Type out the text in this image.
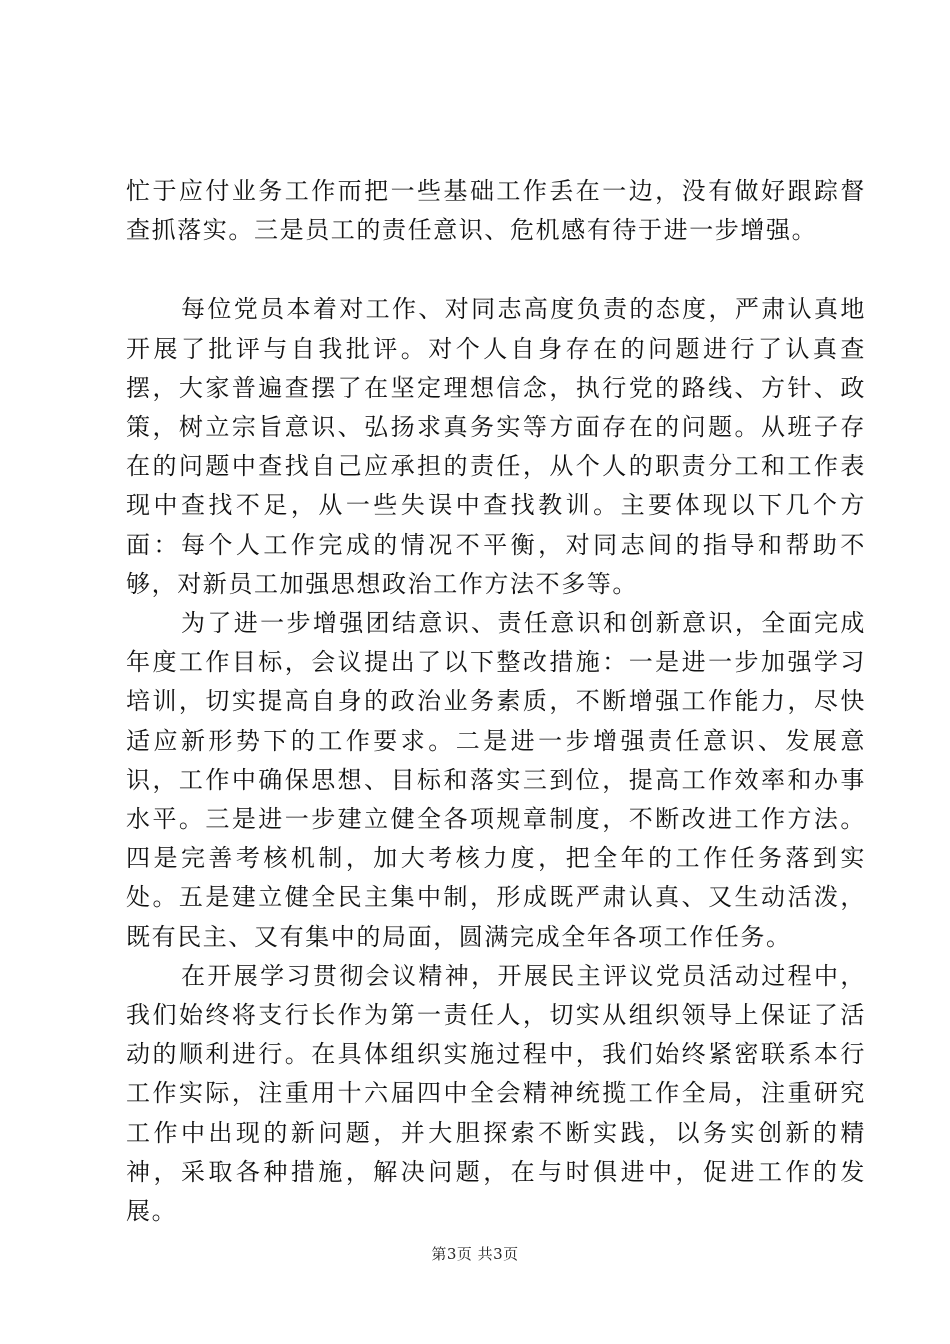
忙于应付业务工作而把一些基础工作丢在一边，没有做好跟踪督查抓落实。三是员工的责任意识、危机感有待于进一步增强。

每位党员本着对工作、对同志高度负责的态度，严肃认真地开展了批评与自我批评。对个人自身存在的问题进行了认真查摆，大家普遍查摆了在坚定理想信念，执行党的路线、方针、政策，树立宗旨意识、弘扬求真务实等方面存在的问题。从班子存在的问题中查找自己应承担的责任，从个人的职责分工和工作表现中查找不足，从一些失误中查找教训。主要体现以下几个方面：每个人工作完成的情况不平衡，对同志间的指导和帮助不够，对新员工加强思想政治工作方法不多等。

为了进一步增强团结意识、责任意识和创新意识，全面完成年度工作目标，会议提出了以下整改措施：一是进一步加强学习培训，切实提高自身的政治业务素质，不断增强工作能力，尽快适应新形势下的工作要求。二是进一步增强责任意识、发展意识，工作中确保思想、目标和落实三到位，提高工作效率和办事水平。三是进一步建立健全各项规章制度，不断改进工作方法。四是完善考核机制，加大考核力度，把全年的工作任务落到实处。五是建立健全民主集中制，形成既严肃认真、又生动活泼，既有民主、又有集中的局面，圆满完成全年各项工作任务。

在开展学习贯彻会议精神，开展民主评议党员活动过程中，我们始终将支行长作为第一责任人，切实从组织领导上保证了活动的顺利进行。在具体组织实施过程中，我们始终紧密联系本行工作实际，注重用十六届四中全会精神统揽工作全局，注重研究工作中出现的新问题，并大胆探索不断实践，以务实创新的精神，采取各种措施，解决问题，在与时俱进中，促进工作的发展。

第3页 共3页
